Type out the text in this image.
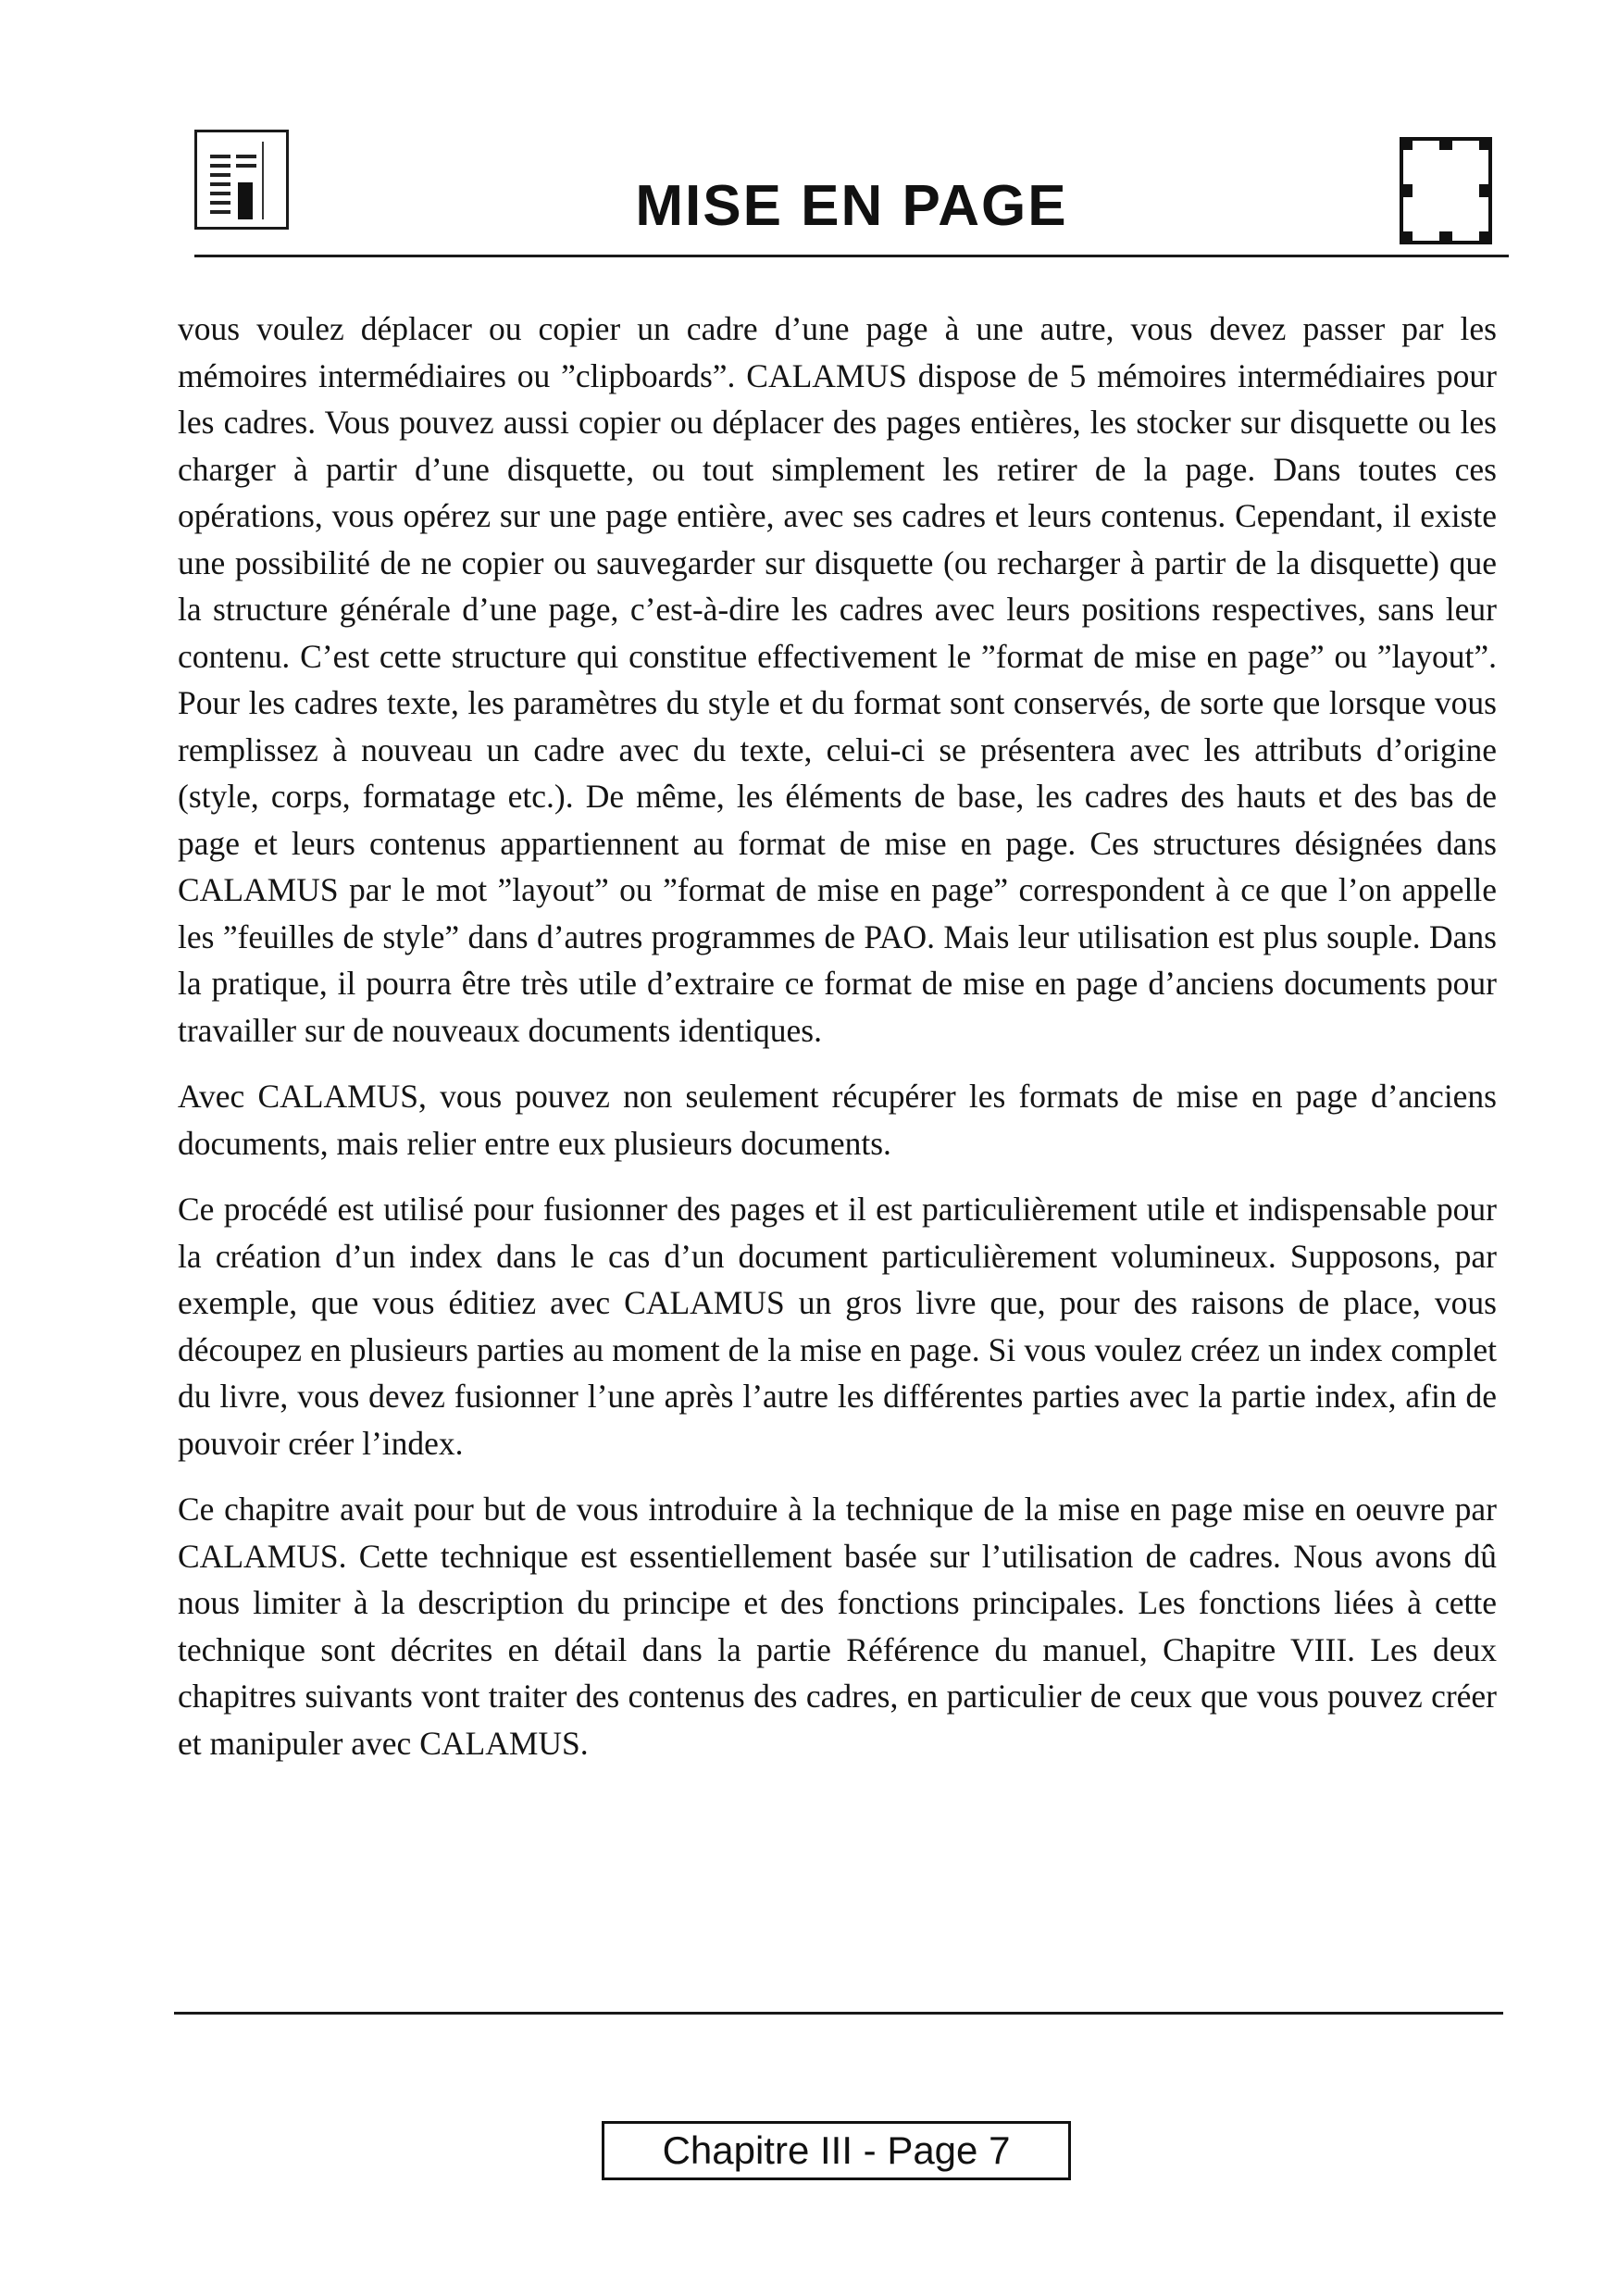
MISE EN PAGE

vous voulez déplacer ou copier un cadre d’une page à une autre, vous devez passer par les mémoires intermédiaires ou ”clipboards”. CALAMUS dispose de 5 mémoires intermédiaires pour les cadres. Vous pouvez aussi copier ou déplacer des pages entières, les stocker sur disquette ou les charger à partir d’une disquette, ou tout simplement les retirer de la page. Dans toutes ces opérations, vous opérez sur une page entière, avec ses cadres et leurs contenus. Cependant, il existe une possibilité de ne copier ou sauvegarder sur disquette (ou recharger à partir de la disquette) que la structure générale d’une page, c’est-à-dire les cadres avec leurs positions respectives, sans leur contenu. C’est cette structure qui constitue effectivement le ”format de mise en page” ou ”layout”. Pour les cadres texte, les paramètres du style et du format sont conservés, de sorte que lorsque vous remplissez à nouveau un cadre avec du texte, celui-ci se présentera avec les attributs d’origine (style, corps, formatage etc.). De même, les éléments de base, les cadres des hauts et des bas de page et leurs contenus appartiennent au format de mise en page. Ces structures désignées dans CALAMUS par le mot ”layout” ou ”format de mise en page” correspondent à ce que l’on appelle les ”feuilles de style” dans d’autres programmes de PAO. Mais leur utilisation est plus souple. Dans la pratique, il pourra être très utile d’extraire ce format de mise en page d’anciens documents pour travailler sur de nouveaux documents identiques.

Avec CALAMUS, vous pouvez non seulement récupérer les formats de mise en page d’anciens documents, mais relier entre eux plusieurs documents.

Ce procédé est utilisé pour fusionner des pages et il est particulièrement utile et indispensable pour la création d’un index dans le cas d’un document particulièrement volumineux. Supposons, par exemple, que vous éditiez avec CALAMUS un gros livre que, pour des raisons de place, vous découpez en plusieurs parties au moment de la mise en page. Si vous voulez créez un index complet du livre, vous devez fusionner l’une après l’autre les différentes parties avec la partie index, afin de pouvoir créer l’index.

Ce chapitre avait pour but de vous introduire à la technique de la mise en page mise en oeuvre par CALAMUS. Cette technique est essentiellement basée sur l’utilisation de cadres. Nous avons dû nous limiter à la description du principe et des fonctions principales. Les fonctions liées à cette technique sont décrites en détail dans la partie Référence du manuel, Chapitre VIII. Les deux chapitres suivants vont traiter des contenus des cadres, en particulier de ceux que vous pouvez créer et manipuler avec CALAMUS.

Chapitre III - Page 7
